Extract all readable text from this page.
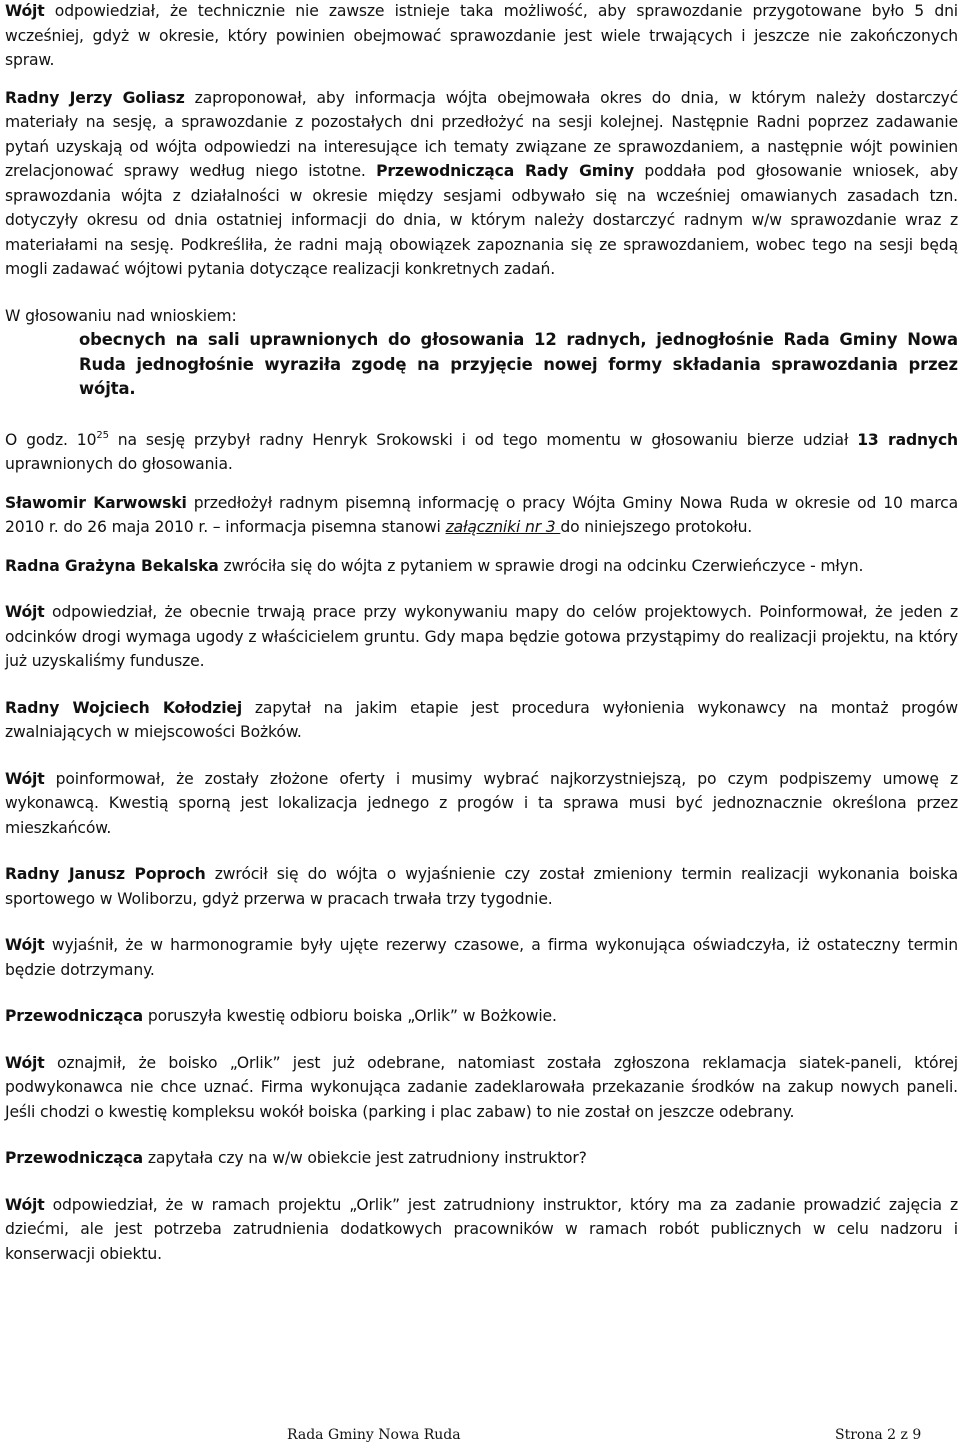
Wójt odpowiedział, że technicznie nie zawsze istnieje taka możliwość, aby sprawozdanie przygotowane było 5 dni wcześniej, gdyż w okresie, który powinien obejmować sprawozdanie jest wiele trwających i jeszcze nie zakończonych spraw.

Radny Jerzy Goliasz zaproponował, aby informacja wójta obejmowała okres do dnia, w którym należy dostarczyć materiały na sesję, a sprawozdanie z pozostałych dni przedłożyć na sesji kolejnej. Następnie Radni poprzez zadawanie pytań uzyskają od wójta odpowiedzi na interesujące ich tematy związane ze sprawozdaniem, a następnie wójt powinien zrelacjonować sprawy według niego istotne. Przewodnicząca Rady Gminy poddała pod głosowanie wniosek, aby sprawozdania wójta z działalności w okresie między sesjami odbywało się na wcześniej omawianych zasadach tzn. dotyczyły okresu od dnia ostatniej informacji do dnia, w którym należy dostarczyć radnym w/w sprawozdanie wraz z materiałami na sesję. Podkreśliła, że radni mają obowiązek zapoznania się ze sprawozdaniem, wobec tego na sesji będą mogli zadawać wójtowi pytania dotyczące realizacji konkretnych zadań.

W głosowaniu nad wnioskiem:

obecnych na sali uprawnionych do głosowania 12 radnych, jednogłośnie Rada Gminy Nowa Ruda jednogłośnie wyraziła zgodę na przyjęcie nowej formy składania sprawozdania przez wójta.

O godz. $10^{25}$ na sesję przybył radny Henryk Srokowski i od tego momentu w głosowaniu bierze udział 13 radnych uprawnionych do głosowania.

Sławomir Karwowski przedłożył radnym pisemną informację o pracy Wójta Gminy Nowa Ruda w okresie od 10 marca 2010 r. do 26 maja 2010 r. – informacja pisemna stanowi załączniki nr 3 do niniejszego protokołu.

Radna Grażyna Bekalska zwróciła się do wójta z pytaniem w sprawie drogi na odcinku Czerwieńczyce - młyn.

Wójt odpowiedział, że obecnie trwają prace przy wykonywaniu mapy do celów projektowych. Poinformował, że jeden z odcinków drogi wymaga ugody z właścicielem gruntu. Gdy mapa będzie gotowa przystąpimy do realizacji projektu, na który już uzyskaliśmy fundusze.

Radny Wojciech Kołodziej zapytał na jakim etapie jest procedura wyłonienia wykonawcy na montaż progów zwalniających w miejscowości Bożków.

Wójt poinformował, że zostały złożone oferty i musimy wybrać najkorzystniejszą, po czym podpiszemy umowę z wykonawcą. Kwestią sporną jest lokalizacja jednego z progów i ta sprawa musi być jednoznacznie określona przez mieszkańców.

Radny Janusz Poproch zwrócił się do wójta o wyjaśnienie czy został zmieniony termin realizacji wykonania boiska sportowego w Woliborzu, gdyż przerwa w pracach trwała trzy tygodnie.

Wójt wyjaśnił, że w harmonogramie były ujęte rezerwy czasowe, a firma wykonująca oświadczyła, iż ostateczny termin będzie dotrzymany.

Przewodnicząca poruszyła kwestię odbioru boiska „Orlik” w Bożkowie.

Wójt oznajmił, że boisko „Orlik” jest już odebrane, natomiast została zgłoszona reklamacja siatek-paneli, której podwykonawca nie chce uznać. Firma wykonująca zadanie zadeklarowała przekazanie środków na zakup nowych paneli. Jeśli chodzi o kwestię kompleksu wokół boiska (parking i plac zabaw) to nie został on jeszcze odebrany.

Przewodnicząca zapytała czy na w/w obiekcie jest zatrudniony instruktor?

Wójt odpowiedział, że w ramach projektu „Orlik” jest zatrudniony instruktor, który ma za zadanie prowadzić zajęcia z dziećmi, ale jest potrzeba zatrudnienia dodatkowych pracowników w ramach robót publicznych w celu nadzoru i konserwacji obiektu.

Rada Gminy Nowa Ruda	Strona 2 z 9
